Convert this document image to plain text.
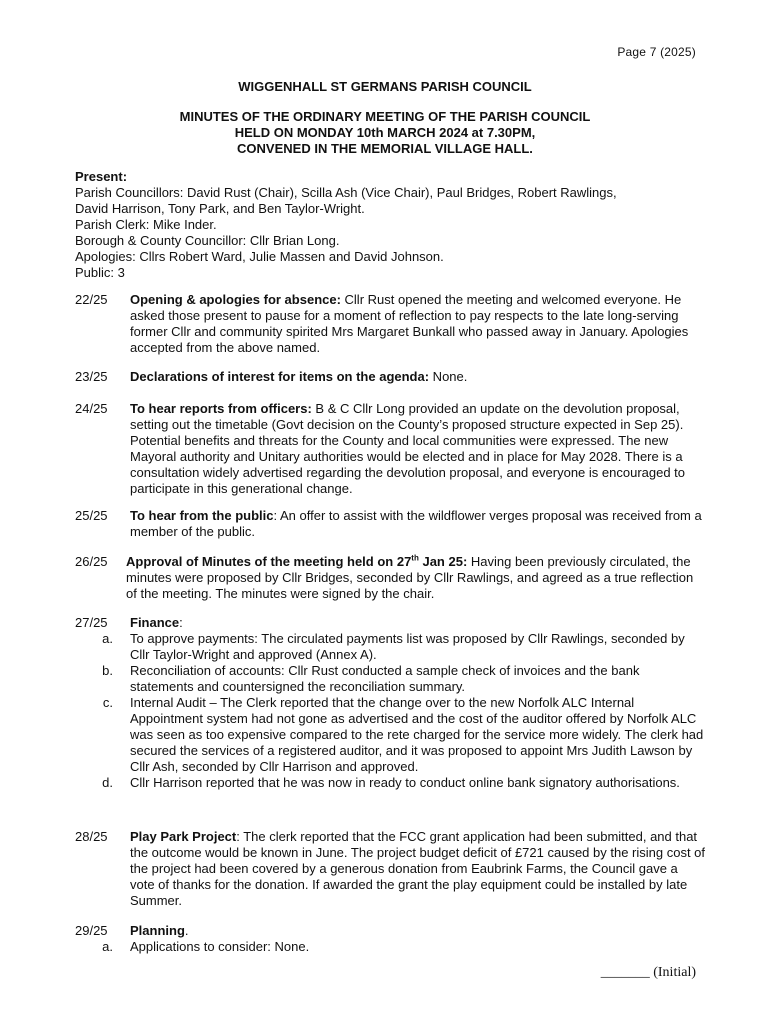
Page 7 (2025)
WIGGENHALL ST GERMANS PARISH COUNCIL
MINUTES OF THE ORDINARY MEETING OF THE PARISH COUNCIL
HELD ON MONDAY 10th MARCH 2024 at 7.30PM,
CONVENED IN THE MEMORIAL VILLAGE HALL.
Present:
Parish Councillors: David Rust (Chair), Scilla Ash (Vice Chair), Paul Bridges, Robert Rawlings,
David Harrison, Tony Park, and Ben Taylor-Wright.
Parish Clerk: Mike Inder.
Borough & County Councillor: Cllr Brian Long.
Apologies: Cllrs Robert Ward, Julie Massen and David Johnson.
Public: 3
22/25 Opening & apologies for absence: Cllr Rust opened the meeting and welcomed everyone. He asked those present to pause for a moment of reflection to pay respects to the late long-serving former Cllr and community spirited Mrs Margaret Bunkall who passed away in January. Apologies accepted from the above named.
23/25 Declarations of interest for items on the agenda: None.
24/25 To hear reports from officers: B & C Cllr Long provided an update on the devolution proposal, setting out the timetable (Govt decision on the County’s proposed structure expected in Sep 25). Potential benefits and threats for the County and local communities were expressed. The new Mayoral authority and Unitary authorities would be elected and in place for May 2028. There is a consultation widely advertised regarding the devolution proposal, and everyone is encouraged to participate in this generational change.
25/25 To hear from the public: An offer to assist with the wildflower verges proposal was received from a member of the public.
26/25 Approval of Minutes of the meeting held on 27th Jan 25: Having been previously circulated, the minutes were proposed by Cllr Bridges, seconded by Cllr Rawlings, and agreed as a true reflection of the meeting. The minutes were signed by the chair.
27/25 Finance:
a. To approve payments: The circulated payments list was proposed by Cllr Rawlings, seconded by Cllr Taylor-Wright and approved (Annex A).
b. Reconciliation of accounts: Cllr Rust conducted a sample check of invoices and the bank statements and countersigned the reconciliation summary.
c. Internal Audit – The Clerk reported that the change over to the new Norfolk ALC Internal Appointment system had not gone as advertised and the cost of the auditor offered by Norfolk ALC was seen as too expensive compared to the rete charged for the service more widely. The clerk had secured the services of a registered auditor, and it was proposed to appoint Mrs Judith Lawson by Cllr Ash, seconded by Cllr Harrison and approved.
d. Cllr Harrison reported that he was now in ready to conduct online bank signatory authorisations.
28/25 Play Park Project: The clerk reported that the FCC grant application had been submitted, and that the outcome would be known in June. The project budget deficit of £721 caused by the rising cost of the project had been covered by a generous donation from Eaubrink Farms, the Council gave a vote of thanks for the donation. If awarded the grant the play equipment could be installed by late Summer.
29/25 Planning.
a. Applications to consider: None.
_______ (Initial)
